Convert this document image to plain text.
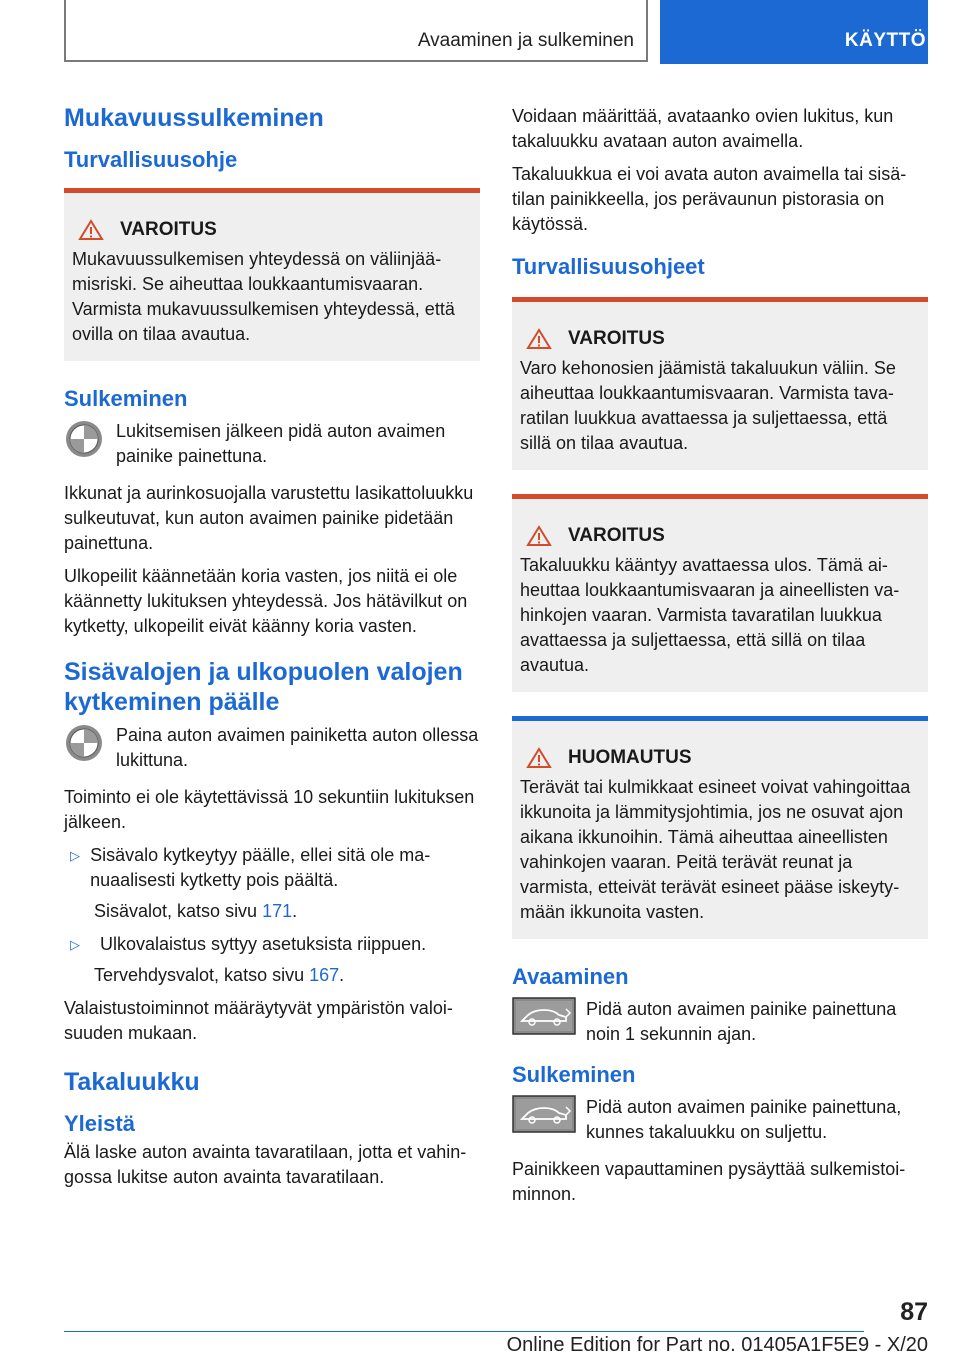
Avaaminen ja sulkeminen	KÄYTTÖ
Mukavuussulkeminen
Turvallisuusohje
VAROITUS

Mukavuussulkemisen yhteydessä on väliinjäämisriski. Se aiheuttaa loukkaantumisvaaran. Varmista mukavuussulkemisen yhteydessä, että ovilla on tilaa avautua.

Sulkeminen

Lukitsemisen jälkeen pidä auton avaimen painike painettuna.

Ikkunat ja aurinkosuojalla varustettu lasikattoluukku sulkeutuvat, kun auton avaimen painike pidetään painettuna.

Ulkopeilit käännetään koria vasten, jos niitä ei ole käännetty lukituksen yhteydessä. Jos hätävilkut on kytketty, ulkopeilit eivät käänny koria vasten.

Sisävalojen ja ulkopuolen valojen kytkeminen päälle

Paina auton avaimen painiketta auton ollessa lukittuna.

Toiminto ei ole käytettävissä 10 sekuntiin lukituksen jälkeen.

▷ Sisävalo kytkeytyy päälle, ellei sitä ole manuaalisesti kytketty pois päältä.

Sisävalot, katso sivu 171.

▷	Ulkovalaistus syttyy asetuksista riippuen.

Tervehdysvalot, katso sivu 167.

Valaistustoiminnot määräytyvät ympäristön valoisuuden mukaan.

Takaluukku
Yleistä

Älä laske auton avainta tavaratilaan, jotta et vahingossa lukitse auton avainta tavaratilaan.

Voidaan määrittää, avataanko ovien lukitus, kun takaluukku avataan auton avaimella.

Takaluukkua ei voi avata auton avaimella tai sisätilan painikkeella, jos perävaunun pistorasia on käytössä.

Turvallisuusohjeet
VAROITUS

Varo kehonosien jäämistä takaluukun väliin. Se aiheuttaa loukkaantumisvaaran. Varmista tavaratilan luukkua avattaessa ja suljettaessa, että sillä on tilaa avautua.

VAROITUS

Takaluukku kääntyy avattaessa ulos. Tämä aiheuttaa loukkaantumisvaaran ja aineellisten vahinkojen vaaran. Varmista tavaratilan luukkua avattaessa ja suljettaessa, että sillä on tilaa avautua.

HUOMAUTUS

Terävät tai kulmikkaat esineet voivat vahingoittaa ikkunoita ja lämmitysjohtimia, jos ne osuvat ajon aikana ikkunoihin. Tämä aiheuttaa aineellisten vahinkojen vaaran. Peitä terävät reunat ja varmista, etteivät terävät esineet pääse iskeytymään ikkunoita vasten.

Avaaminen

Pidä auton avaimen painike painettuna noin 1 sekunnin ajan.

Sulkeminen

Pidä auton avaimen painike painettuna, kunnes takaluukku on suljettu.

Painikkeen vapauttaminen pysäyttää sulkemistoiminnon.

87
Online Edition for Part no. 01405A1F5E9 - X/20
